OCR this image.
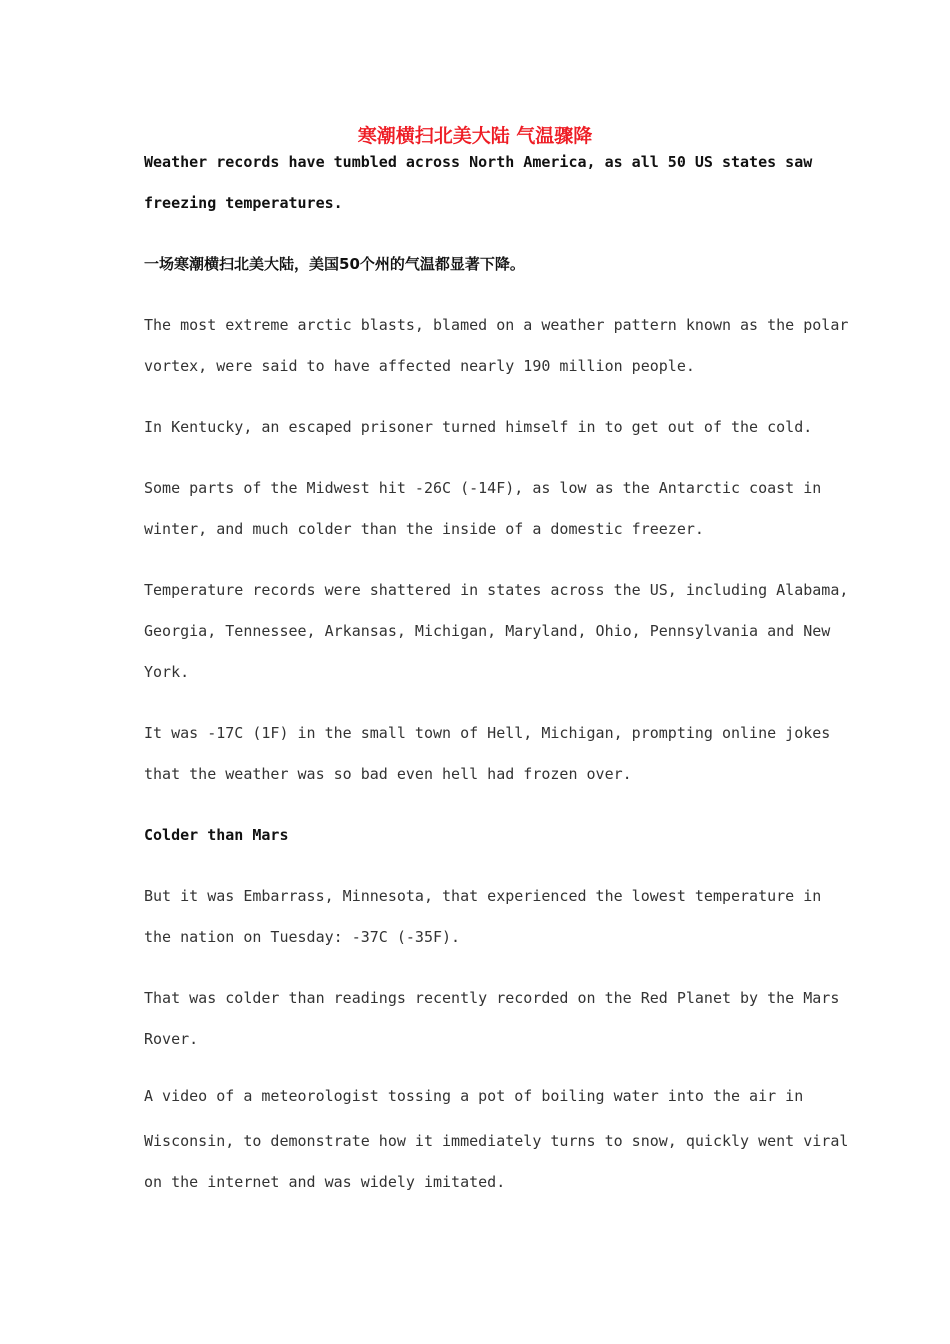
寒潮横扫北美大陆 气温骤降
Weather records have tumbled across North America, as all 50 US states saw
freezing temperatures.
一场寒潮横扫北美大陆，美国50个州的气温都显著下降。
The most extreme arctic blasts, blamed on a weather pattern known as the polar
vortex, were said to have affected nearly 190 million people.
In Kentucky, an escaped prisoner turned himself in to get out of the cold.
Some parts of the Midwest hit -26C (-14F), as low as the Antarctic coast in
winter, and much colder than the inside of a domestic freezer.
Temperature records were shattered in states across the US, including Alabama,
Georgia, Tennessee, Arkansas, Michigan, Maryland, Ohio, Pennsylvania and New
York.
It was -17C (1F) in the small town of Hell, Michigan, prompting online jokes
that the weather was so bad even hell had frozen over.
Colder than Mars
But it was Embarrass, Minnesota, that experienced the lowest temperature in
the nation on Tuesday: -37C (-35F).
That was colder than readings recently recorded on the Red Planet by the Mars
Rover.
A video of a meteorologist tossing a pot of boiling water into the air in
Wisconsin, to demonstrate how it immediately turns to snow, quickly went viral
on the internet and was widely imitated.
